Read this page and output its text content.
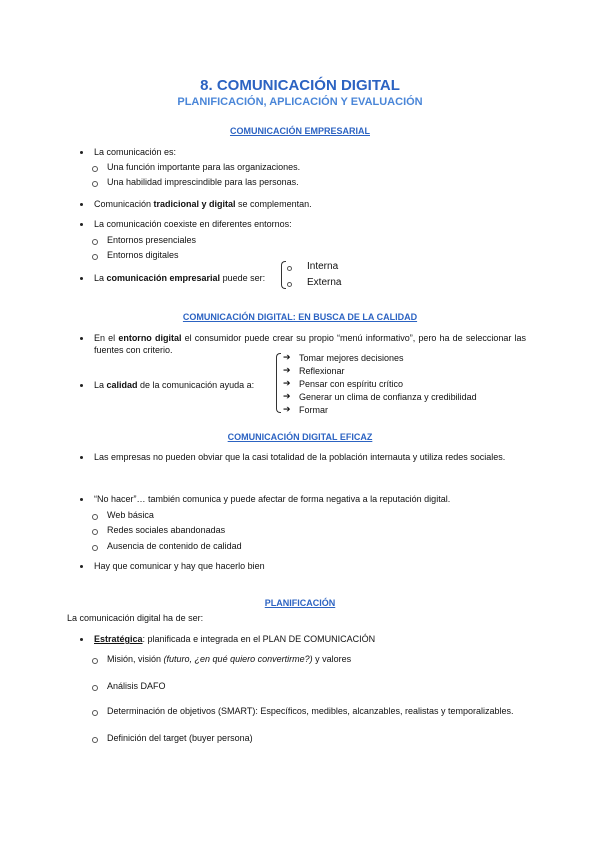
8. COMUNICACIÓN DIGITAL
PLANIFICACIÓN, APLICACIÓN Y EVALUACIÓN
COMUNICACIÓN EMPRESARIAL
La comunicación es:
Una función importante para las organizaciones.
Una habilidad imprescindible para las personas.
Comunicación tradicional y digital se complementan.
La comunicación coexiste en diferentes entornos:
Entornos presenciales
Entornos digitales
La comunicación empresarial puede ser:
Interna
Externa
COMUNICACIÓN DIGITAL: EN BUSCA DE LA CALIDAD
En el entorno digital el consumidor puede crear su propio “menú informativo”, pero ha de seleccionar las fuentes con criterio.
La calidad de la comunicación ayuda a:
➔ Tomar mejores decisiones
➔ Reflexionar
➔ Pensar con espíritu crítico
➔ Generar un clima de confianza y credibilidad
➔ Formar
COMUNICACIÓN DIGITAL EFICAZ
Las empresas no pueden obviar que la casi totalidad de la población internauta y utiliza redes sociales.
“No hacer”… también comunica y puede afectar de forma negativa a la reputación digital.
Web básica
Redes sociales abandonadas
Ausencia de contenido de calidad
Hay que comunicar y hay que hacerlo bien
PLANIFICACIÓN
La comunicación digital ha de ser:
Estratégica: planificada e integrada en el PLAN DE COMUNICACIÓN
Misión, visión (futuro, ¿en qué quiero convertirme?) y valores
Análisis DAFO
Determinación de objetivos (SMART): Específicos, medibles, alcanzables, realistas y temporalizables.
Definición del target (buyer persona)
